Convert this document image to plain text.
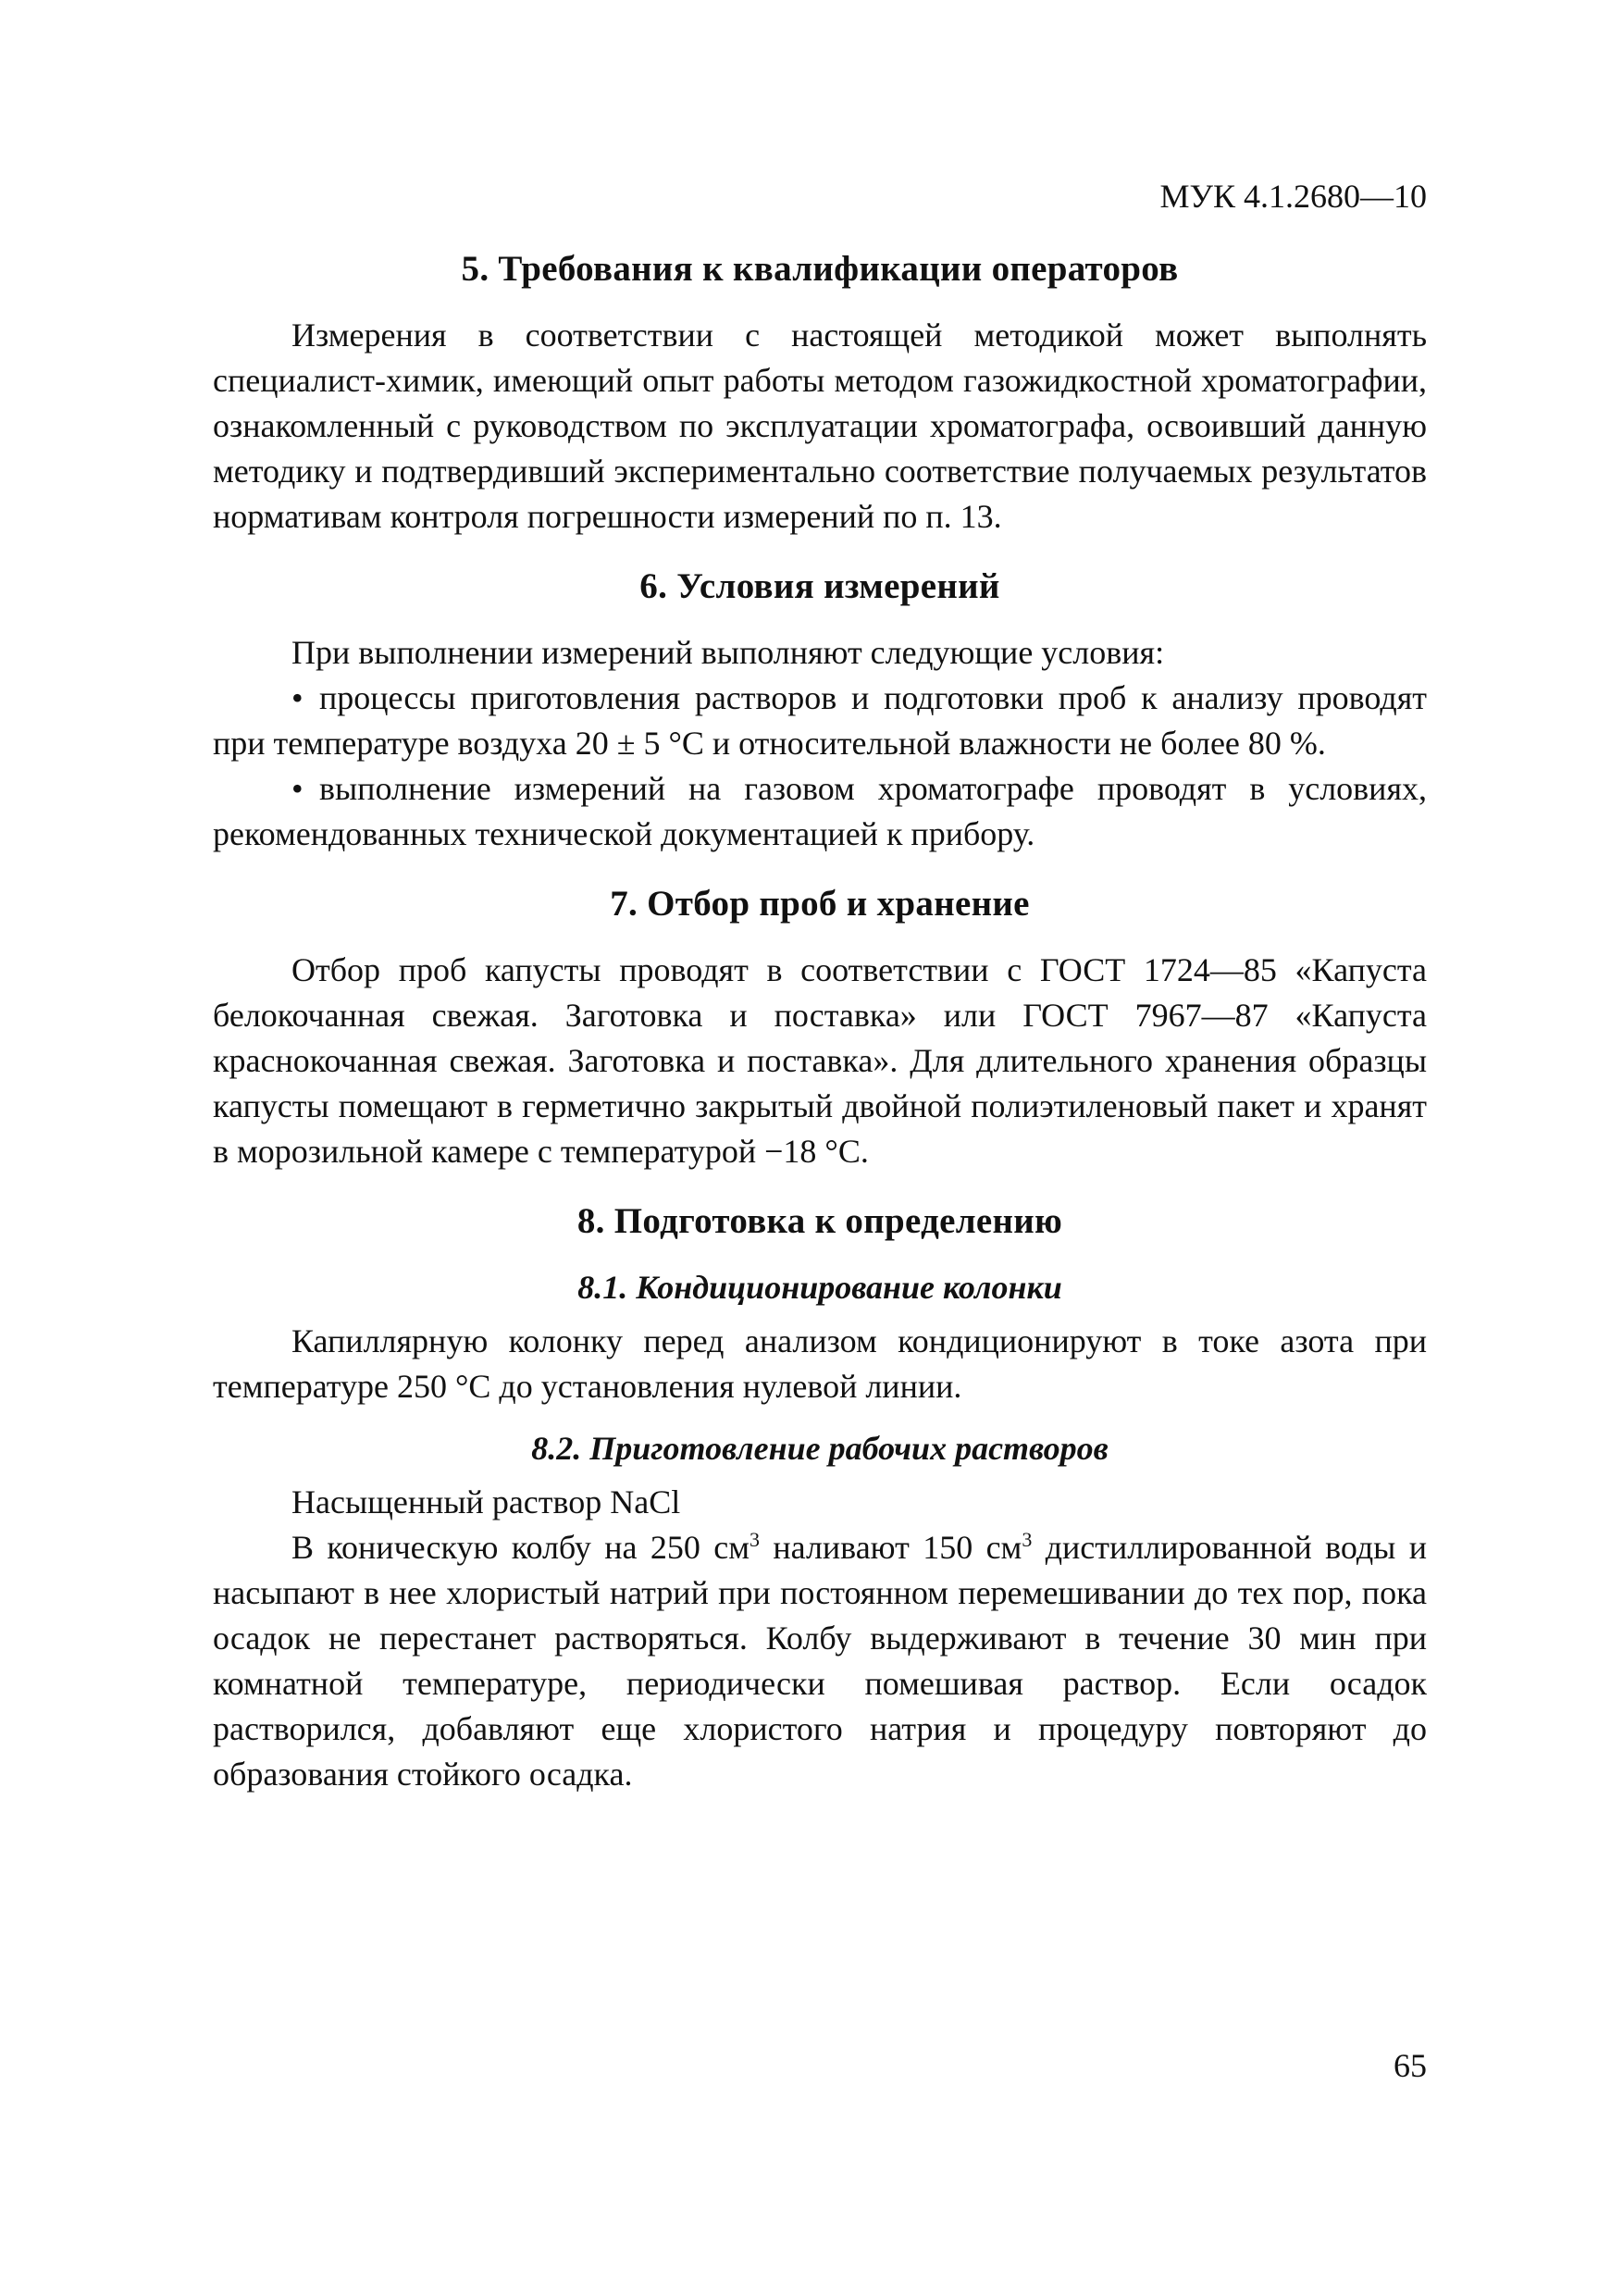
МУК 4.1.2680—10
5. Требования к квалификации операторов

Измерения в соответствии с настоящей методикой может выполнять специалист-химик, имеющий опыт работы методом газожидкостной хроматографии, ознакомленный с руководством по эксплуатации хроматографа, освоивший данную методику и подтвердивший экспериментально соответствие получаемых результатов нормативам контроля погрешности измерений по п. 13.

6. Условия измерений

При выполнении измерений выполняют следующие условия:

• процессы приготовления растворов и подготовки проб к анализу проводят при температуре воздуха 20 ± 5 °С и относительной влажности не более 80 %.

• выполнение измерений на газовом хроматографе проводят в условиях, рекомендованных технической документацией к прибору.

7. Отбор проб и хранение

Отбор проб капусты проводят в соответствии с ГОСТ 1724—85 «Капуста белокочанная свежая. Заготовка и поставка» или ГОСТ 7967—87 «Капуста краснокочанная свежая. Заготовка и поставка». Для длительного хранения образцы капусты помещают в герметично закрытый двойной полиэтиленовый пакет и хранят в морозильной камере с температурой −18 °С.

8. Подготовка к определению
8.1. Кондиционирование колонки

Капиллярную колонку перед анализом кондиционируют в токе азота при температуре 250 °С до установления нулевой линии.

8.2. Приготовление рабочих растворов

Насыщенный раствор NaCl

В коническую колбу на 250 $см^3$ наливают 150 $см^3$ дистиллированной воды и насыпают в нее хлористый натрий при постоянном перемешивании до тех пор, пока осадок не перестанет растворяться. Колбу выдерживают в течение 30 мин при комнатной температуре, периодически помешивая раствор. Если осадок растворился, добавляют еще хлористого натрия и процедуру повторяют до образования стойкого осадка.

65
